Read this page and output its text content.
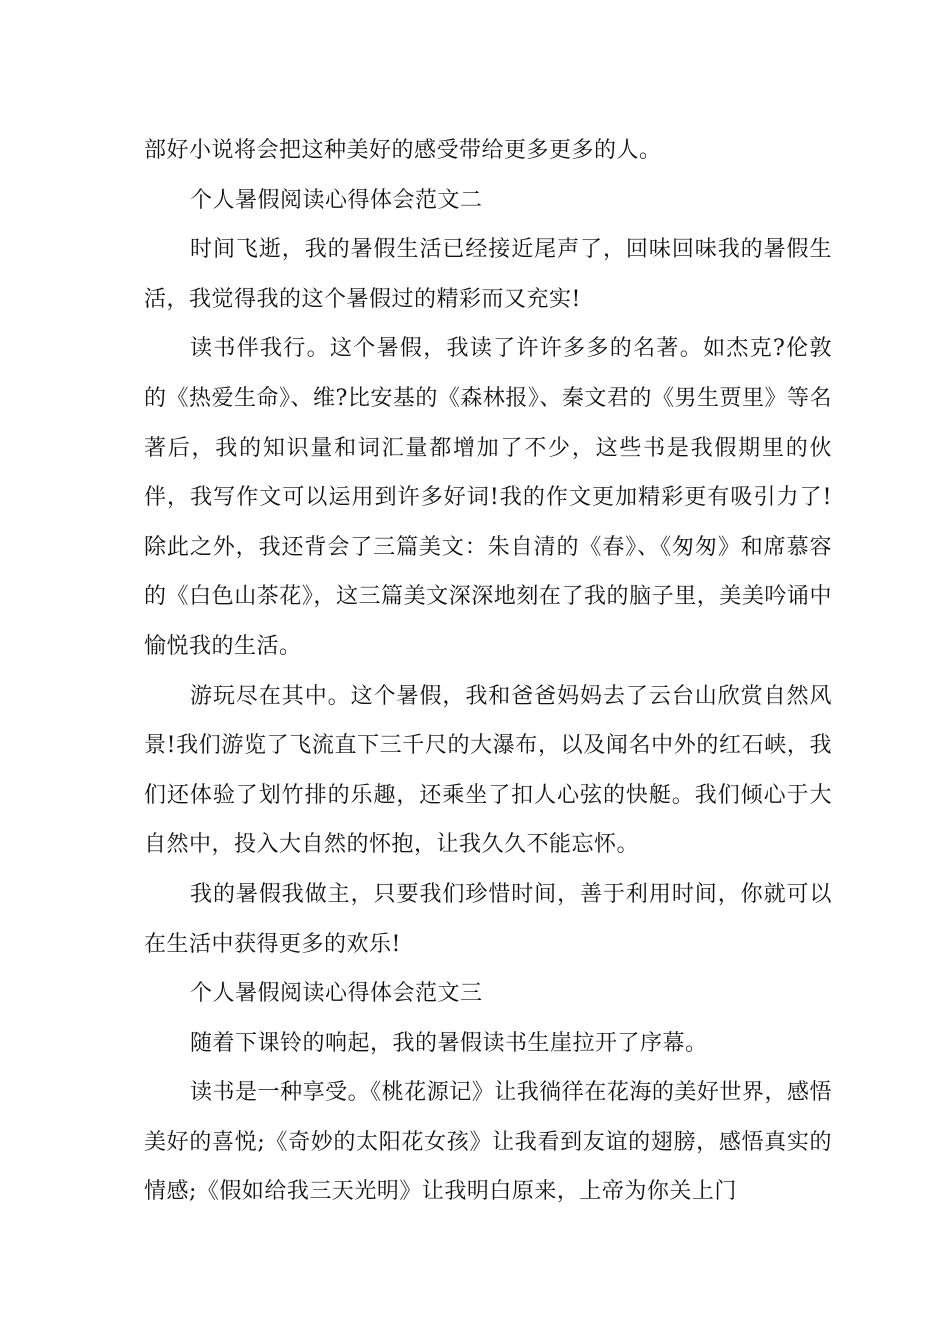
部好小说将会把这种美好的感受带给更多更多的人。

个人暑假阅读心得体会范文二

时间飞逝，我的暑假生活已经接近尾声了，回味回味我的暑假生活，我觉得我的这个暑假过的精彩而又充实!

读书伴我行。这个暑假，我读了许许多多的名著。如杰克?伦敦的《热爱生命》、维?比安基的《森林报》、秦文君的《男生贾里》等名著后，我的知识量和词汇量都增加了不少，这些书是我假期里的伙伴，我写作文可以运用到许多好词!我的作文更加精彩更有吸引力了!除此之外，我还背会了三篇美文：朱自清的《春》、《匆匆》和席慕容的《白色山茶花》，这三篇美文深深地刻在了我的脑子里，美美吟诵中愉悦我的生活。

游玩尽在其中。这个暑假，我和爸爸妈妈去了云台山欣赏自然风景!我们游览了飞流直下三千尺的大瀑布，以及闻名中外的红石峡，我们还体验了划竹排的乐趣，还乘坐了扣人心弦的快艇。我们倾心于大自然中，投入大自然的怀抱，让我久久不能忘怀。

我的暑假我做主，只要我们珍惜时间，善于利用时间，你就可以在生活中获得更多的欢乐!

个人暑假阅读心得体会范文三

随着下课铃的响起，我的暑假读书生崖拉开了序幕。

读书是一种享受。《桃花源记》让我徜徉在花海的美好世界，感悟美好的喜悦;《奇妙的太阳花女孩》让我看到友谊的翅膀，感悟真实的情感;《假如给我三天光明》让我明白原来，上帝为你关上门
